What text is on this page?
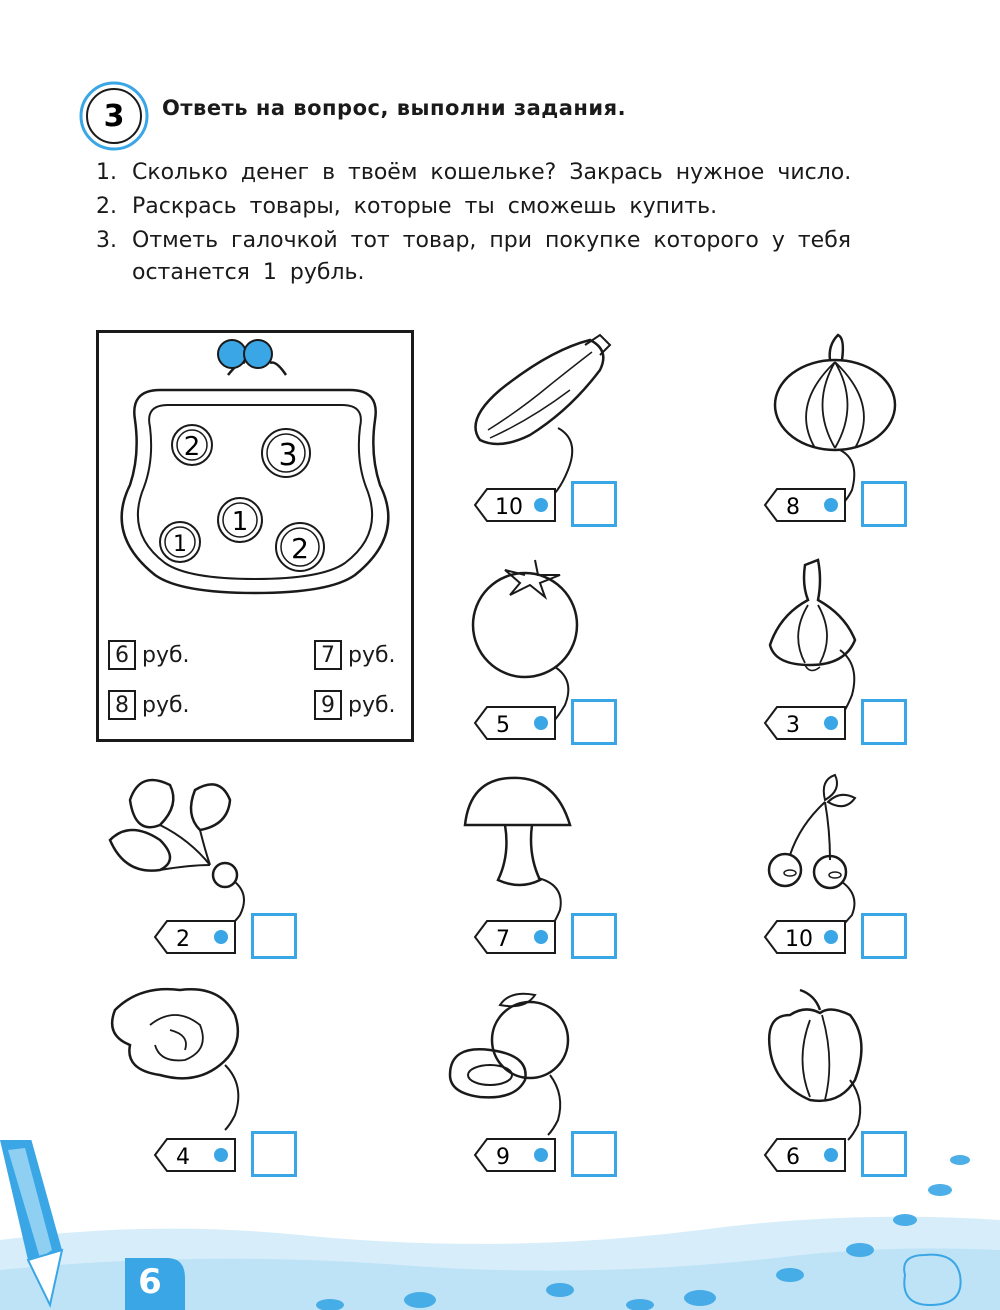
3 Ответь на вопрос, выполни задания.
1. Сколько денег в твоём кошельке? Закрась нужное число.
2. Раскрась товары, которые ты сможешь купить.
3. Отметь галочкой тот товар, при покупке которого у тебя
останется 1 рубль.
2	3
1
1	2
6 руб.	7 руб.
8 руб.	9 руб.
10	8
5	3
2	7	10
4	9	6
6
